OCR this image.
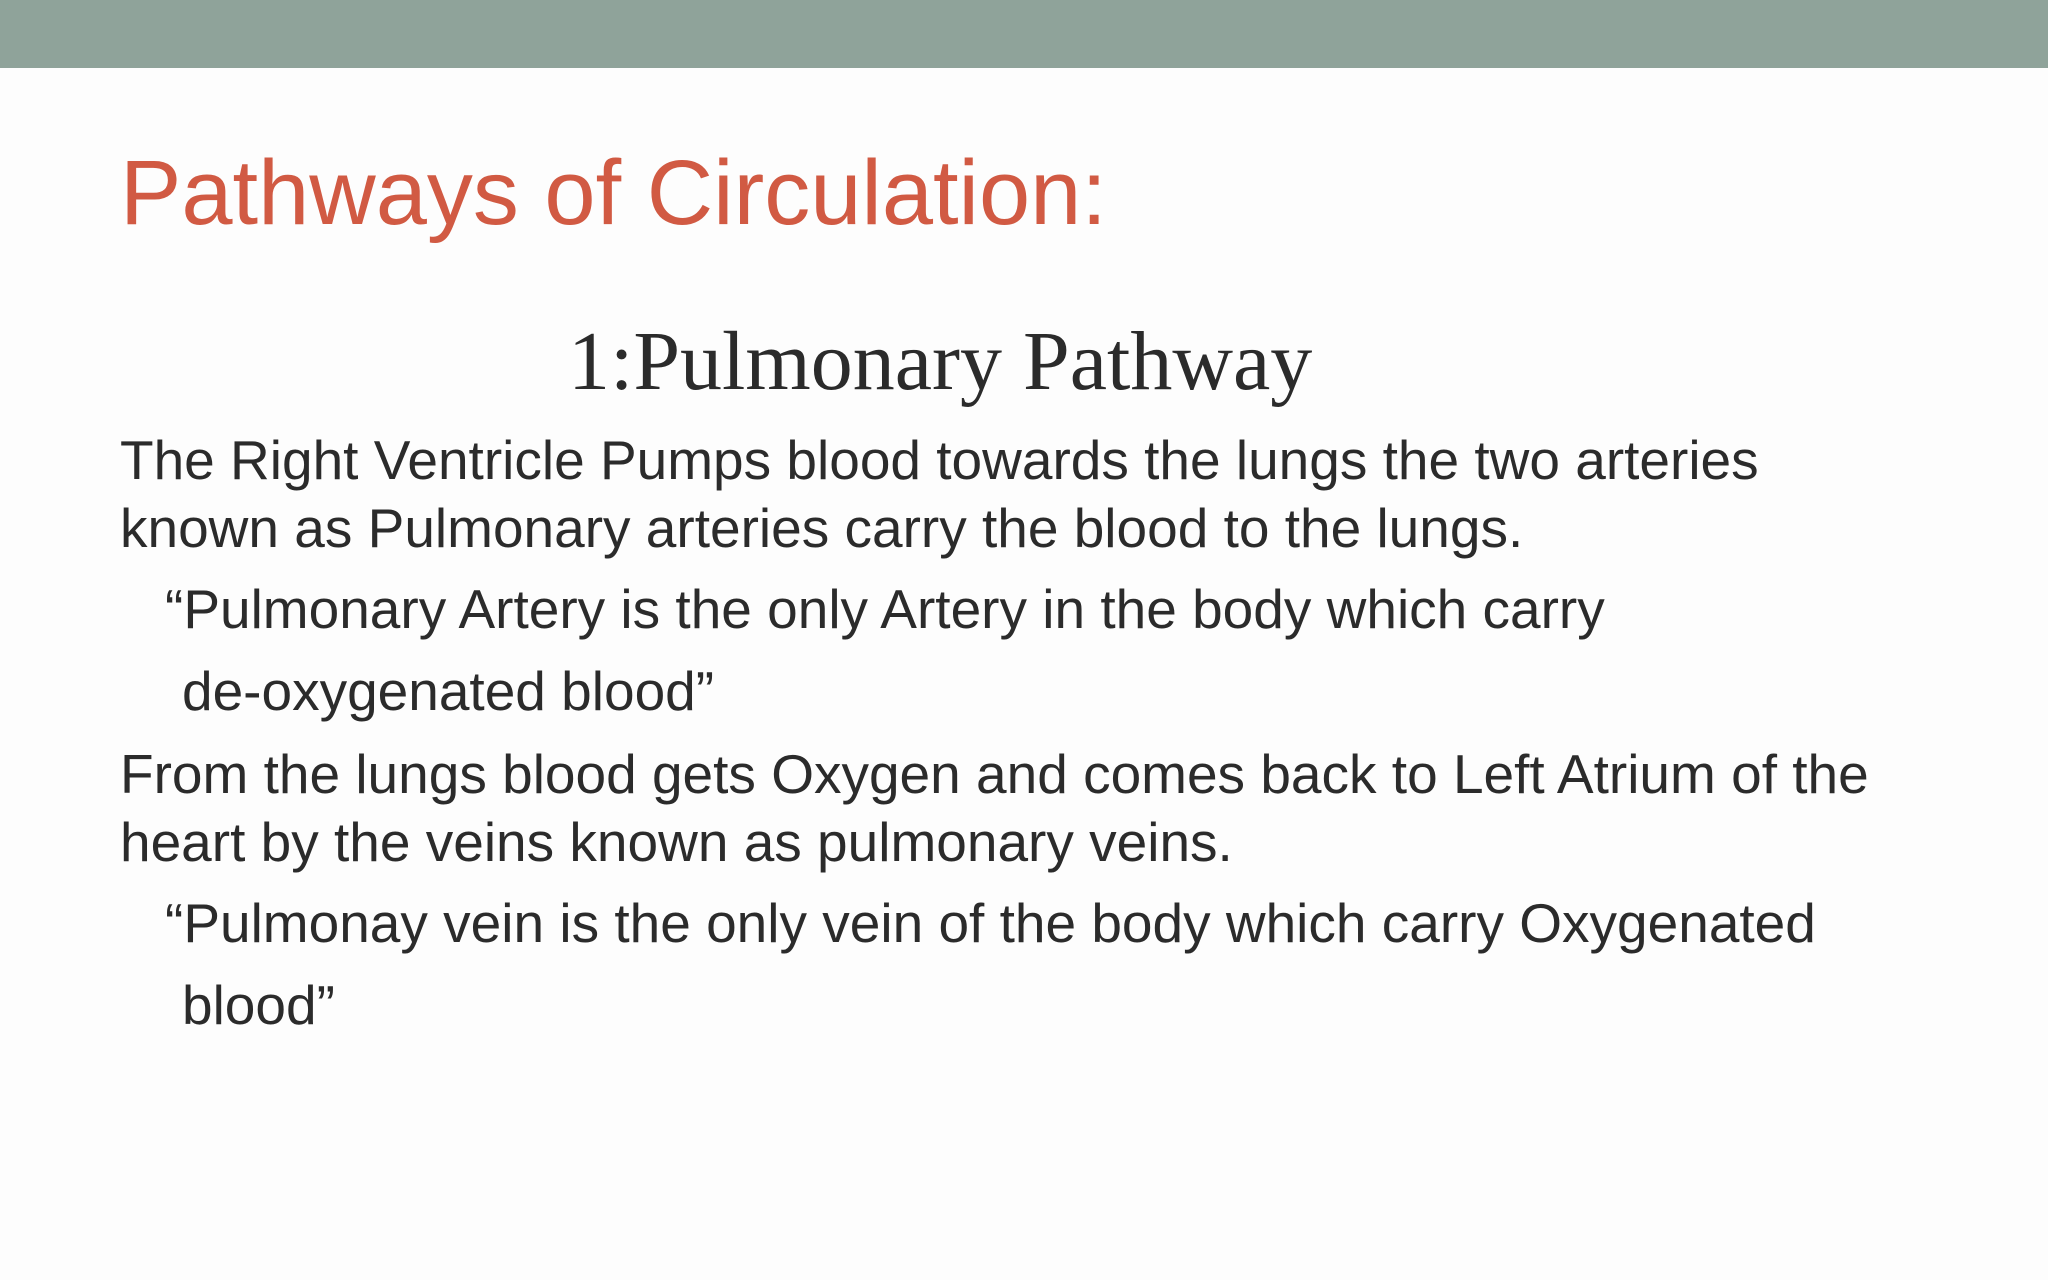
Pathways of Circulation:
1:Pulmonary Pathway

The Right Ventricle Pumps blood towards the lungs the two arteries
known as Pulmonary arteries carry the blood to the lungs.

“Pulmonary Artery is the only Artery in the body which carry
de-oxygenated blood”

From the lungs blood gets Oxygen and comes back to Left Atrium of the
heart by the veins known as pulmonary veins.

“Pulmonay vein is the only vein of the body which carry Oxygenated
blood”
